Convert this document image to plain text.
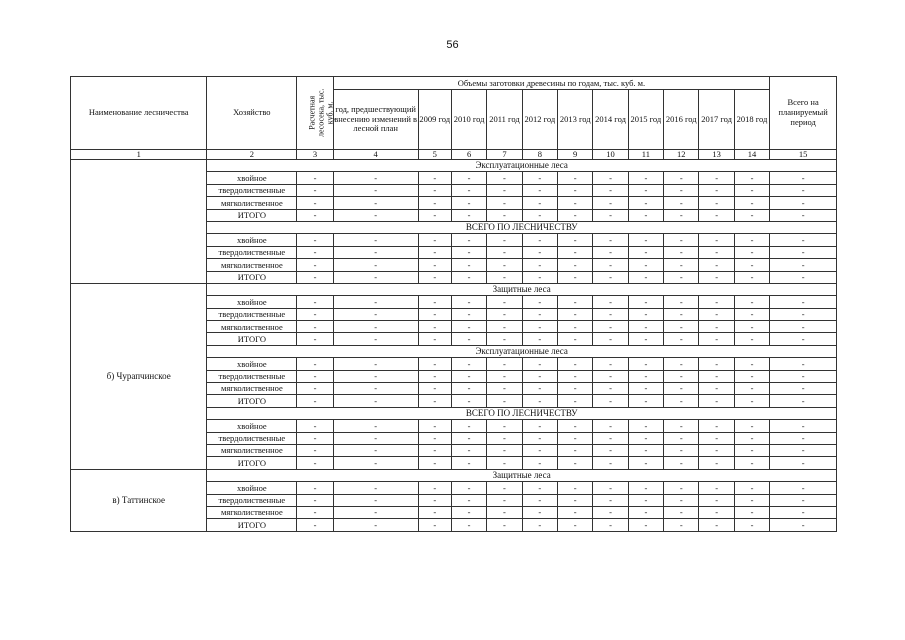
56
Наименование лесничества	Хозяйство	Расчетная
лесосека, тыс.
куб. м.	Объемы заготовки древесины по годам, тыс. куб. м.											Всего на планируемый период
			год, предшествующий внесению изменений в лесной план	2009 год	2010 год	2011 год	2012 год	2013 год	2014 год	2015 год	2016 год	2017 год	2018 год	
1	2	3	4	5	6	7	8	9	10	11	12	13	14	15
	Эксплуатационные леса													
	хвойное	-	-	-	-	-	-	-	-	-	-	-	-	-
	твердолиственные	-	-	-	-	-	-	-	-	-	-	-	-	-
	мягколиственное	-	-	-	-	-	-	-	-	-	-	-	-	-
	ИТОГО	-	-	-	-	-	-	-	-	-	-	-	-	-
	ВСЕГО ПО ЛЕСНИЧЕСТВУ													
	хвойное	-	-	-	-	-	-	-	-	-	-	-	-	-
	твердолиственные	-	-	-	-	-	-	-	-	-	-	-	-	-
	мягколиственное	-	-	-	-	-	-	-	-	-	-	-	-	-
	ИТОГО	-	-	-	-	-	-	-	-	-	-	-	-	-
б) Чурапчинское	Защитные леса													
	хвойное	-	-	-	-	-	-	-	-	-	-	-	-	-
	твердолиственные	-	-	-	-	-	-	-	-	-	-	-	-	-
	мягколиственное	-	-	-	-	-	-	-	-	-	-	-	-	-
	ИТОГО	-	-	-	-	-	-	-	-	-	-	-	-	-
	Эксплуатационные леса													
	хвойное	-	-	-	-	-	-	-	-	-	-	-	-	-
	твердолиственные	-	-	-	-	-	-	-	-	-	-	-	-	-
	мягколиственное	-	-	-	-	-	-	-	-	-	-	-	-	-
	ИТОГО	-	-	-	-	-	-	-	-	-	-	-	-	-
	ВСЕГО ПО ЛЕСНИЧЕСТВУ													
	хвойное	-	-	-	-	-	-	-	-	-	-	-	-	-
	твердолиственные	-	-	-	-	-	-	-	-	-	-	-	-	-
	мягколиственное	-	-	-	-	-	-	-	-	-	-	-	-	-
	ИТОГО	-	-	-	-	-	-	-	-	-	-	-	-	-
в) Таттинское	Защитные леса													
	хвойное	-	-	-	-	-	-	-	-	-	-	-	-	-
	твердолиственные	-	-	-	-	-	-	-	-	-	-	-	-	-
	мягколиственное	-	-	-	-	-	-	-	-	-	-	-	-	-
	ИТОГО	-	-	-	-	-	-	-	-	-	-	-	-	-
